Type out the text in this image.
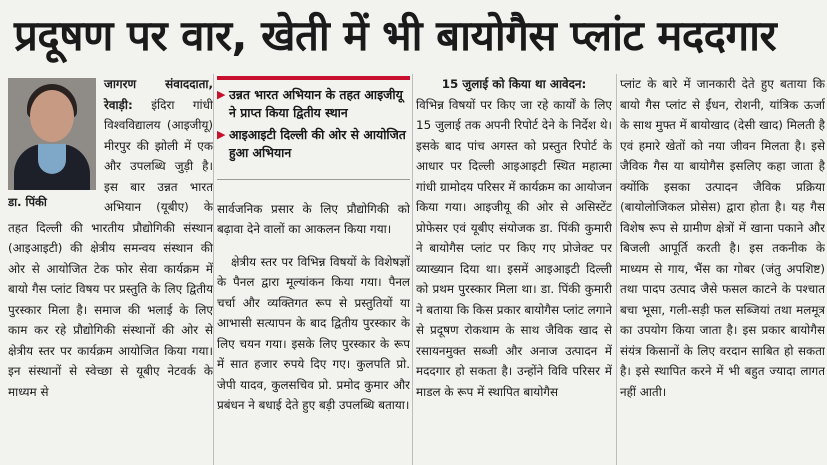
प्रदूषण पर वार, खेती में भी बायोगैस प्लांट मददगार
डा. पिंकी

जागरण संवाददाता, रेवाड़ी: इंदिरा गांधी विश्वविद्यालय (आइजीयू) मीरपुर की झोली में एक और उपलब्धि जुड़ी है। इस बार उन्नत भारत अभियान (यूबीए) के तहत दिल्ली की भारतीय प्रौद्योगिकी संस्थान (आइआइटी) की क्षेत्रीय समन्वय संस्थान की ओर से आयोजित टेक फोर सेवा कार्यक्रम में बायो गैस प्लांट विषय पर प्रस्तुति के लिए द्वितीय पुरस्कार मिला है। समाज की भलाई के लिए काम कर रहे प्रौद्योगिकी संस्थानों की ओर से क्षेत्रीय स्तर पर कार्यक्रम आयोजित किया गया। इन संस्थानों से स्वेच्छा से यूबीए नेटवर्क के माध्यम से

▶ उन्नत भारत अभियान के तहत आइजीयू ने प्राप्त किया द्वितीय स्थान
▶ आइआइटी दिल्ली की ओर से आयोजित हुआ अभियान

सार्वजनिक प्रसार के लिए प्रौद्योगिकी को बढ़ावा देने वालों का आकलन किया गया।

क्षेत्रीय स्तर पर विभिन्न विषयों के विशेषज्ञों के पैनल द्वारा मूल्यांकन किया गया। पैनल चर्चा और व्यक्तिगत रूप से प्रस्तुतियों या आभासी सत्यापन के बाद द्वितीय पुरस्कार के लिए चयन गया। इसके लिए पुरस्कार के रूप में सात हजार रुपये दिए गए। कुलपति प्रो. जेपी यादव, कुलसचिव प्रो. प्रमोद कुमार और प्रबंधन ने बधाई देते हुए बड़ी उपलब्धि बताया।

15 जुलाई को किया था आवेदन:

विभिन्न विषयों पर किए जा रहे कार्यों के लिए 15 जुलाई तक अपनी रिपोर्ट देने के निर्देश थे। इसके बाद पांच अगस्त को प्रस्तुत रिपोर्ट के आधार पर दिल्ली आइआइटी स्थित महात्मा गांधी ग्रामोदय परिसर में कार्यक्रम का आयोजन किया गया। आइजीयू की ओर से असिस्टेंट प्रोफेसर एवं यूबीए संयोजक डा. पिंकी कुमारी ने बायोगैस प्लांट पर किए गए प्रोजेक्ट पर व्याख्यान दिया था। इसमें आइआइटी दिल्ली को प्रथम पुरस्कार मिला था। डा. पिंकी कुमारी ने बताया कि किस प्रकार बायोगैस प्लांट लगाने से प्रदूषण रोकथाम के साथ जैविक खाद से रसायनमुक्त सब्जी और अनाज उत्पादन में मददगार हो सकता है। उन्होंने विवि परिसर में माडल के रूप में स्थापित बायोगैस

प्लांट के बारे में जानकारी देते हुए बताया कि बायो गैस प्लांट से ईंधन, रोशनी, यांत्रिक ऊर्जा के साथ मुफ्त में बायोखाद (देसी खाद) मिलती है एवं हमारे खेतों को नया जीवन मिलता है। इसे जैविक गैस या बायोगैस इसलिए कहा जाता है क्योंकि इसका उत्पादन जैविक प्रक्रिया (बायोलोजिकल प्रोसेस) द्वारा होता है। यह गैस विशेष रूप से ग्रामीण क्षेत्रों में खाना पकाने और बिजली आपूर्ति करती है। इस तकनीक के माध्यम से गाय, भैंस का गोबर (जंतु अपशिष्ट) तथा पादप उत्पाद जैसे फसल काटने के पश्चात बचा भूसा, गली-सड़ी फल सब्जियां तथा मलमूत्र का उपयोग किया जाता है। इस प्रकार बायोगैस संयंत्र किसानों के लिए वरदान साबित हो सकता है। इसे स्थापित करने में भी बहुत ज्यादा लागत नहीं आती।
